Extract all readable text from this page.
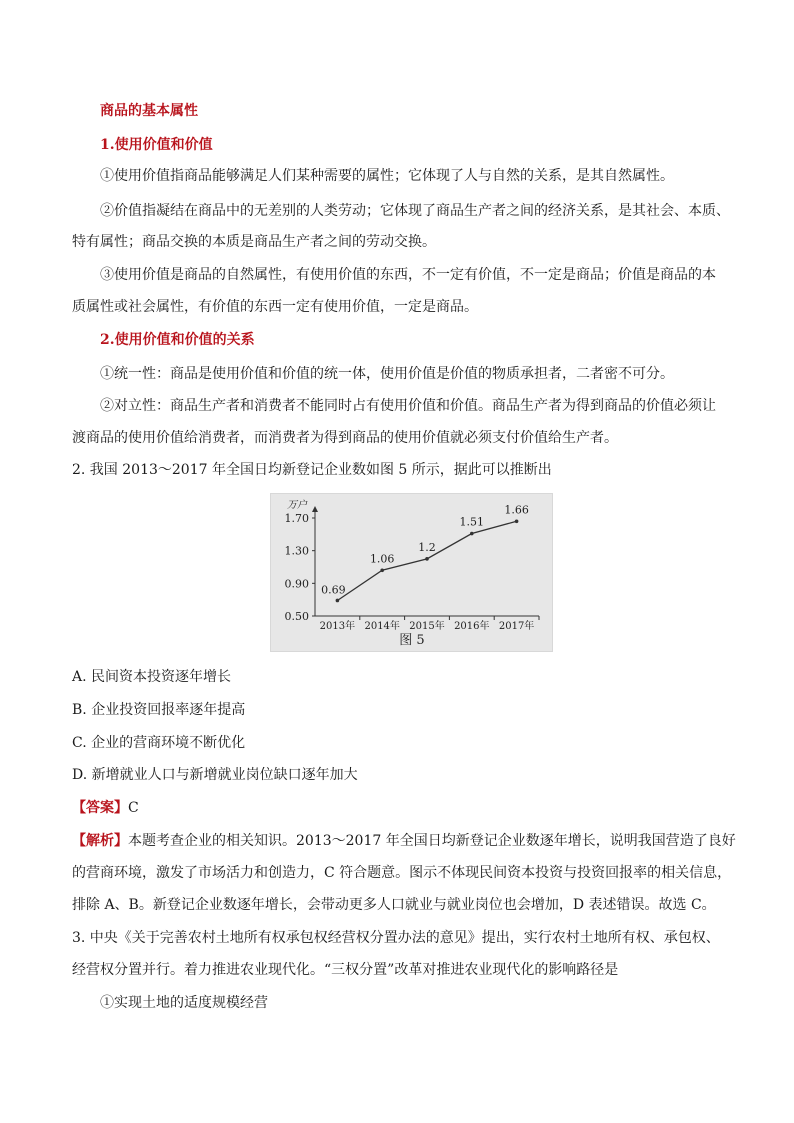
商品的基本属性
1.使用价值和价值
①使用价值指商品能够满足人们某种需要的属性；它体现了人与自然的关系，是其自然属性。
②价值指凝结在商品中的无差别的人类劳动；它体现了商品生产者之间的经济关系，是其社会、本质、
特有属性；商品交换的本质是商品生产者之间的劳动交换。
③使用价值是商品的自然属性，有使用价值的东西，不一定有价值，不一定是商品；价值是商品的本
质属性或社会属性，有价值的东西一定有使用价值，一定是商品。
2.使用价值和价值的关系
①统一性：商品是使用价值和价值的统一体，使用价值是价值的物质承担者，二者密不可分。
②对立性：商品生产者和消费者不能同时占有使用价值和价值。商品生产者为得到商品的价值必须让
渡商品的使用价值给消费者，而消费者为得到商品的使用价值就必须支付价值给生产者。
2. 我国 2013～2017 年全国日均新登记企业数如图 5 所示，据此可以推断出
0.50
0.90
1.30
1.70
2013年 2014年 2015年 2016年 2017年
0.69
1.06
1.2
1.51
1.66
万户
图 5
A. 民间资本投资逐年增长
B. 企业投资回报率逐年提高
C. 企业的营商环境不断优化
D. 新增就业人口与新增就业岗位缺口逐年加大
【答案】C
【解析】本题考查企业的相关知识。2013～2017 年全国日均新登记企业数逐年增长，说明我国营造了良好
的营商环境，激发了市场活力和创造力，C 符合题意。图示不体现民间资本投资与投资回报率的相关信息，
排除 A、B。新登记企业数逐年增长，会带动更多人口就业与就业岗位也会增加，D 表述错误。故选 C。
3. 中央《关于完善农村土地所有权承包权经营权分置办法的意见》提出，实行农村土地所有权、承包权、
经营权分置并行。着力推进农业现代化。“三权分置”改革对推进农业现代化的影响路径是
①实现土地的适度规模经营
